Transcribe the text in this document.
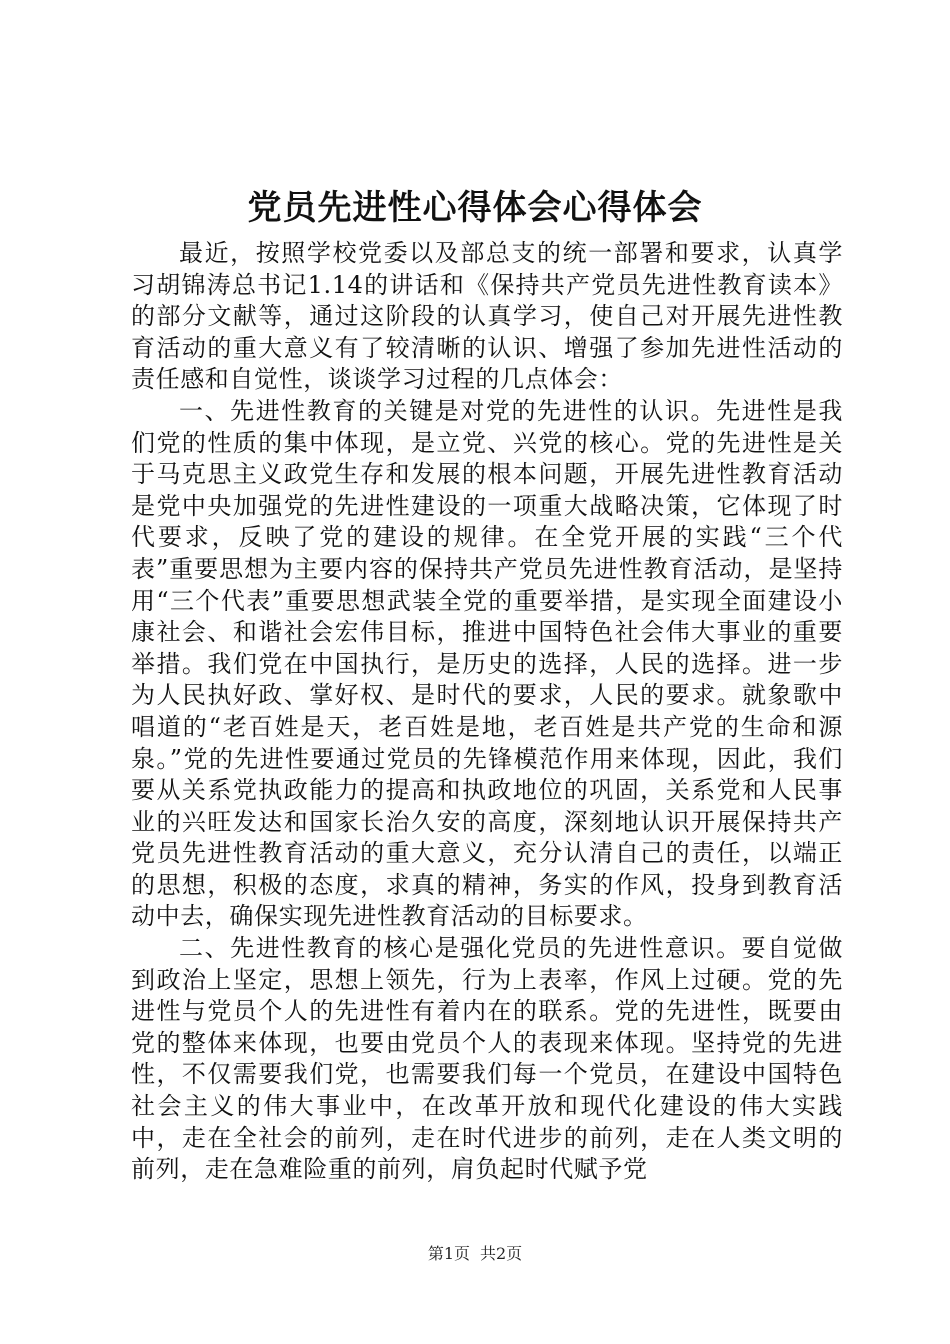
党员先进性心得体会心得体会

最近，按照学校党委以及部总支的统一部署和要求，认真学习胡锦涛总书记1.14的讲话和《保持共产党员先进性教育读本》的部分文献等，通过这阶段的认真学习，使自己对开展先进性教育活动的重大意义有了较清晰的认识、增强了参加先进性活动的责任感和自觉性，谈谈学习过程的几点体会：

一、先进性教育的关键是对党的先进性的认识。先进性是我们党的性质的集中体现，是立党、兴党的核心。党的先进性是关于马克思主义政党生存和发展的根本问题，开展先进性教育活动是党中央加强党的先进性建设的一项重大战略决策，它体现了时代要求，反映了党的建设的规律。在全党开展的实践“三个代表”重要思想为主要内容的保持共产党员先进性教育活动，是坚持用“三个代表”重要思想武装全党的重要举措，是实现全面建设小康社会、和谐社会宏伟目标，推进中国特色社会伟大事业的重要举措。我们党在中国执行，是历史的选择，人民的选择。进一步为人民执好政、掌好权、是时代的要求，人民的要求。就象歌中唱道的“老百姓是天，老百姓是地，老百姓是共产党的生命和源泉。”党的先进性要通过党员的先锋模范作用来体现，因此，我们要从关系党执政能力的提高和执政地位的巩固，关系党和人民事业的兴旺发达和国家长治久安的高度，深刻地认识开展保持共产党员先进性教育活动的重大意义，充分认清自己的责任，以端正的思想，积极的态度，求真的精神，务实的作风，投身到教育活动中去，确保实现先进性教育活动的目标要求。

二、先进性教育的核心是强化党员的先进性意识。要自觉做到政治上坚定，思想上领先，行为上表率，作风上过硬。党的先进性与党员个人的先进性有着内在的联系。党的先进性，既要由党的整体来体现，也要由党员个人的表现来体现。坚持党的先进性，不仅需要我们党，也需要我们每一个党员，在建设中国特色社会主义的伟大事业中，在改革开放和现代化建设的伟大实践中，走在全社会的前列，走在时代进步的前列，走在人类文明的前列，走在急难险重的前列，肩负起时代赋予党

第1页 共2页
